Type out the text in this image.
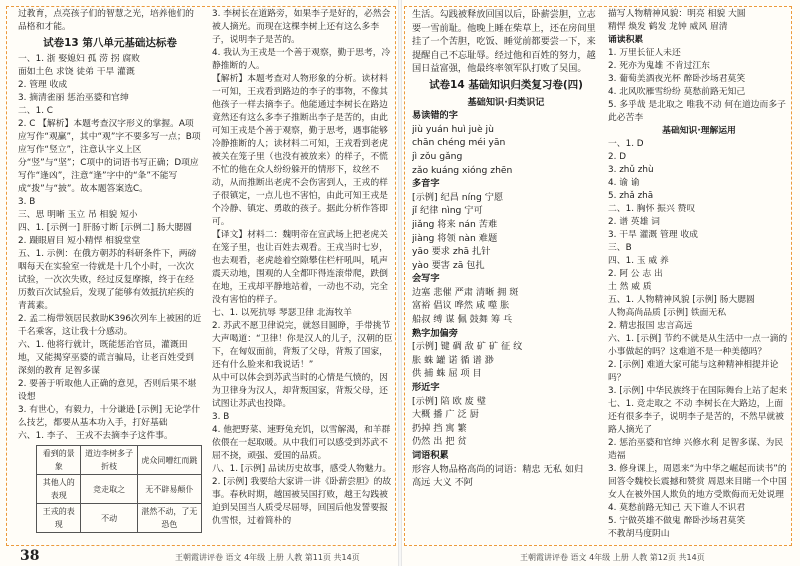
过教育，点亮孩子们的智慧之光，培养他们的品格和才能。
试卷13 第八单元基础达标卷
一、1. 浙 娶媳妇 孤 涝 拐 腐败
面如土色 求饶 徒弟 干旱 灌溉
2. 管理 收成
3. 摘清雀丽 惩治巫婆和官绅
二、1. C
2. C 【解析】本题考查汉字形义的掌握。A项应写作“观赢”，其中“观”字不要多写一点；B项应写作“竖立”，注意认字义上区分“竖”与“坚”；C项中的词语书写正确；D项应写作“逢凶”，注意“逢”字中的“夆”不能写成“拨”与“披”。故本题答案选C。
3. B
三、思 明晰 玉立 吊 相貌 短小
四、1. [示例一] 肝肠寸断 [示例二] 肠大腮圆
2. 蹑眼眉目 短小精悍 相貌堂堂
五、1. 示例：在俄方朝苏的科研条件下，两磅咽每天在实验室一待就是十几个小时，一次次试验，一次次失败，经过反复摩擦，终于在经历数百次试验后，发现了能够有效抵抗疟疾的青蒿素。
2. 孟二梅带领居民救助K396次列车上被困的近千名乘客，这让我十分感动。
六、1. 他将行就计，既能惩治官员，灌溉田地，又能揭穿巫婆的谎言骗局，让老百姓受到深刻的教育 足智多谋
2. 要善于听取他人正确的意见，否则后果不堪设想
3. 有世心，有毅力，十分谦逊 [示例] 无论学什么技艺，都要从基本功入手，打好基础
六、1. 李子、 王戎不去摘李子这件事。
看到的景象	道边李树多子折枝	虎众同嘈红而跳
其他人的表现	竞走取之	无不辟易颠仆
王戎的表现	不动	湛然不动，了无恐色
3. 李树长在道路旁，如果李子是好的，必然会被人摘光。而现在这棵李树上还有这么多李子，说明李子是苦的。
4. 我认为王戎是一个善于观察，勤于思考，冷静推断的人。
【解析】本题考查对人物形象的分析。读材料一可知，王戎看到路边的李子的事物，不像其他孩子一样去摘李子。他能通过李树长在路边竟然还有这么多李子推断出李子是苦的，由此可知王戎是个善于观察，勤于思考，遇事能够冷静推断的人；读材料二可知，王戎看到老虎被关在笼子里（也没有被放来）的样子，不慌不忙的他在众人纷纷躲开的情形下，纹丝不动，从而推断出老虎不会伤害到人，王戎的样子很镇定，一点儿也不害怕，由此可知王戎是个冷静、镇定、勇敢的孩子。据此分析作答即可。
【译文】材料二：魏明帝在宣武场上把老虎关在笼子里，也让百姓去观看。王戎当时七岁，也去观看，老虎趁着空隙攀住栏杆吼叫，吼声震天动地，围观的人全都吓得连滚带爬，跌倒在地，王戎却平静地站着，一动也不动，完全没有害怕的样子。
七、1. 以死抗辱 琴瑟卫律 北海牧羊
2. 苏武不愿卫律说完，就怒目圆睁，手带挑节大声喝道：“卫律！你是汉人的儿子，汉朝的臣下，在匈奴面前，背叛了父母，背叛了国家，还有什么脸来和我说话！”
从中可以体会到苏武当时的心情是气愤的，因为卫律身为汉人，却背叛国家，背叛父母，还试图让苏武也投降。
3. B
4. 他把野菜、速野兔充饥，以雪解渴，和羊群依偎在一起取暖。从中我们可以感受到苏武不屈不挠，顽强、爱国的品质。
八、1. [示例] 品读历史故事，感受人物魅力。
2. [示例] 我要给大家讲一讲《卧薪尝胆》的故事。春秋时期，越国被吴国打败，越王勾践被迫到吴国当人质受尽屈辱，回国后他发誓要报仇雪恨，过着简朴的
38	王朝霞讲评卷 语文 4年级 上册 人教 第11页 共14页
生活。勾践被释放回国以后，卧薪尝胆，立志要一雪前耻。他晚上睡在柴草上，还在房间里挂了一个苦胆，吃饭、睡觉前都要尝一下，来提醒自己不忘耻辱。经过他和百姓的努力，越国日益富强，他最终率领军队打败了吴国。
试卷14 基础知识归类复习卷(四)
基础知识·归类识记
易读错的字
jiù yuán huì juè jù
chān chéng méi yān
jì zǒu gǎng
zǎo kuáng xióng zhēn
多音字
[示例] 纪昌 níng 宁愿
jǐ 纪律 nìng 宁可
jiǎng 将来 nán 苦难
jiàng 将领 nàn 难题
yāo 要求 zhā 扎针
yào 要害 zā 包扎
会写字
边塞 悲催 严肃 清晰 拥 斑
富裕 倡议 哗然 咸 噬 胀
船叔 缚 谋 佩 鼓舞 筹 乓
熟字加偏旁
[示例] 键 碉 敌 矿 矿 征 纹
胀 蛛 罐 诺 循 谱 渺
供 捕 蛛 屈 项 目
形近字
[示例] 陪 欧 废 璧
大概 播 广 泛 厨
扔掉 挡 寓 繁
仍然 出 把 贫
词语积累
形容人物品格高尚的词语：精忠 无私 如归
高远 大义 不阿
描写人物精神风貌：明亮 相貌 大圆
精悍 焕发 鹤发 龙钟 威风 眉清
诵读积累
1. 万里长征人未还
2. 死亦为鬼雄 不肯过江东
3. 葡萄美酒夜光杯 醉卧沙场君莫笑
4. 北风吹雁雪纷纷 莫愁前路无知己
5. 多乎哉 是北取之 唯我不动 何在道边而多子 此必苦李
基础知识·理解运用
一、1. D
2. D
3. zhǔ zhù
4. 谕 谕
5. zhǎ zhā
二、1. 胸怀 振兴 赞叹
2. 谱 英雄 词
3. 干旱 灌溉 管理 收成
三、B
四、1. 玉 威 养
2. 阿 公 志 出
土 然 威 质
五、1. 人物精神风貌 [示例] 肠大腮圆
人物高尚品质 [示例] 铁面无私
2. 精忠报国 忠言高远
六、1. [示例] 节约不就是从生活中一点一滴的小事做起的吗？这难道不是一种美德吗？
2. [示例] 难道大家可能与这种精神相提并论吗？
3. [示例] 中华民族终于在国际舞台上站了起来
七、1. 竞走取之 不动 李树长在大路边，上面还有很多李子，说明李子是苦的，不然早就被路人摘光了
2. 惩治巫婆和官绅 兴修水利 足智多谋、为民造福
3. 修身课上，周恩来“为中华之崛起而读书”的回答令魏校长震撼和赞赏 周恩来目睹一个中国女人在被外国人欺负的地方受欺侮而无处说理
4. 莫愁前路无知己 天下谁人不识君
5. 宁做英雄不做鬼 醉卧沙场君莫笑
不教胡马度阴山
王朝霞讲评卷 语文 4年级 上册 人教 第12页 共14页
